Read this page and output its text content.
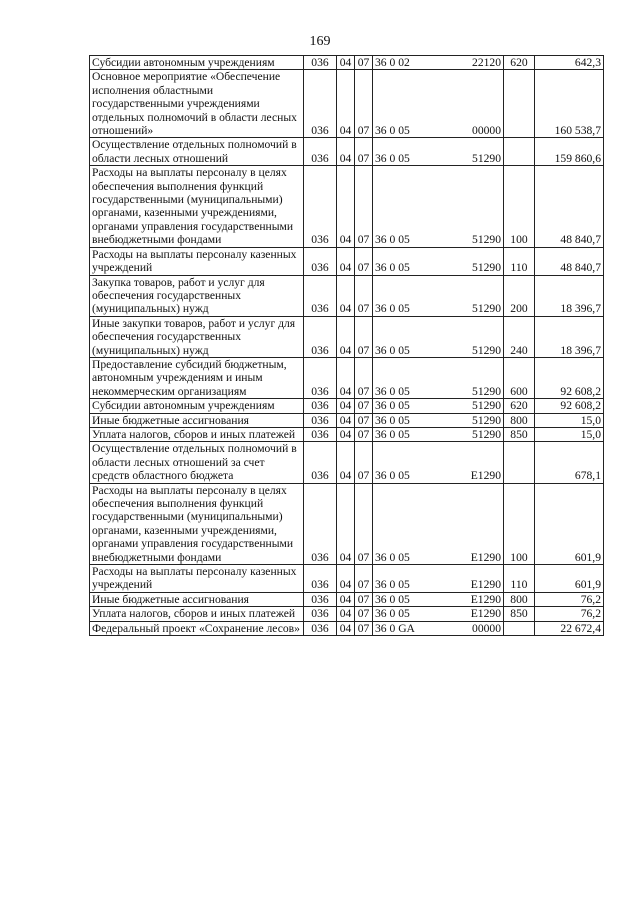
169
Субсидии автономным учреждениям	036	04	07	36 0 02 22120	620	642,3
Основное мероприятие «Обеспечение исполнения областными государственными учреждениями отдельных полномочий в области лесных отношений»	036	04	07	36 0 05 00000		160 538,7
Осуществление отдельных полномочий в области лесных отношений	036	04	07	36 0 05 51290		159 860,6
Расходы на выплаты персоналу в целях обеспечения выполнения функций государственными (муниципальными) органами, казенными учреждениями, органами управления государственными внебюджетными фондами	036	04	07	36 0 05 51290	100	48 840,7
Расходы на выплаты персоналу казенных учреждений	036	04	07	36 0 05 51290	110	48 840,7
Закупка товаров, работ и услуг для обеспечения государственных (муниципальных) нужд	036	04	07	36 0 05 51290	200	18 396,7
Иные закупки товаров, работ и услуг для обеспечения государственных (муниципальных) нужд	036	04	07	36 0 05 51290	240	18 396,7
Предоставление субсидий бюджетным, автономным учреждениям и иным некоммерческим организациям	036	04	07	36 0 05 51290	600	92 608,2
Субсидии автономным учреждениям	036	04	07	36 0 05 51290	620	92 608,2
Иные бюджетные ассигнования	036	04	07	36 0 05 51290	800	15,0
Уплата налогов, сборов и иных платежей	036	04	07	36 0 05 51290	850	15,0
Осуществление отдельных полномочий в области лесных отношений за счет средств областного бюджета	036	04	07	36 0 05 E1290		678,1
Расходы на выплаты персоналу в целях обеспечения выполнения функций государственными (муниципальными) органами, казенными учреждениями, органами управления государственными внебюджетными фондами	036	04	07	36 0 05 E1290	100	601,9
Расходы на выплаты персоналу казенных учреждений	036	04	07	36 0 05 E1290	110	601,9
Иные бюджетные ассигнования	036	04	07	36 0 05 E1290	800	76,2
Уплата налогов, сборов и иных платежей	036	04	07	36 0 05 E1290	850	76,2
Федеральный проект «Сохранение лесов»	036	04	07	36 0 GA 00000		22 672,4
